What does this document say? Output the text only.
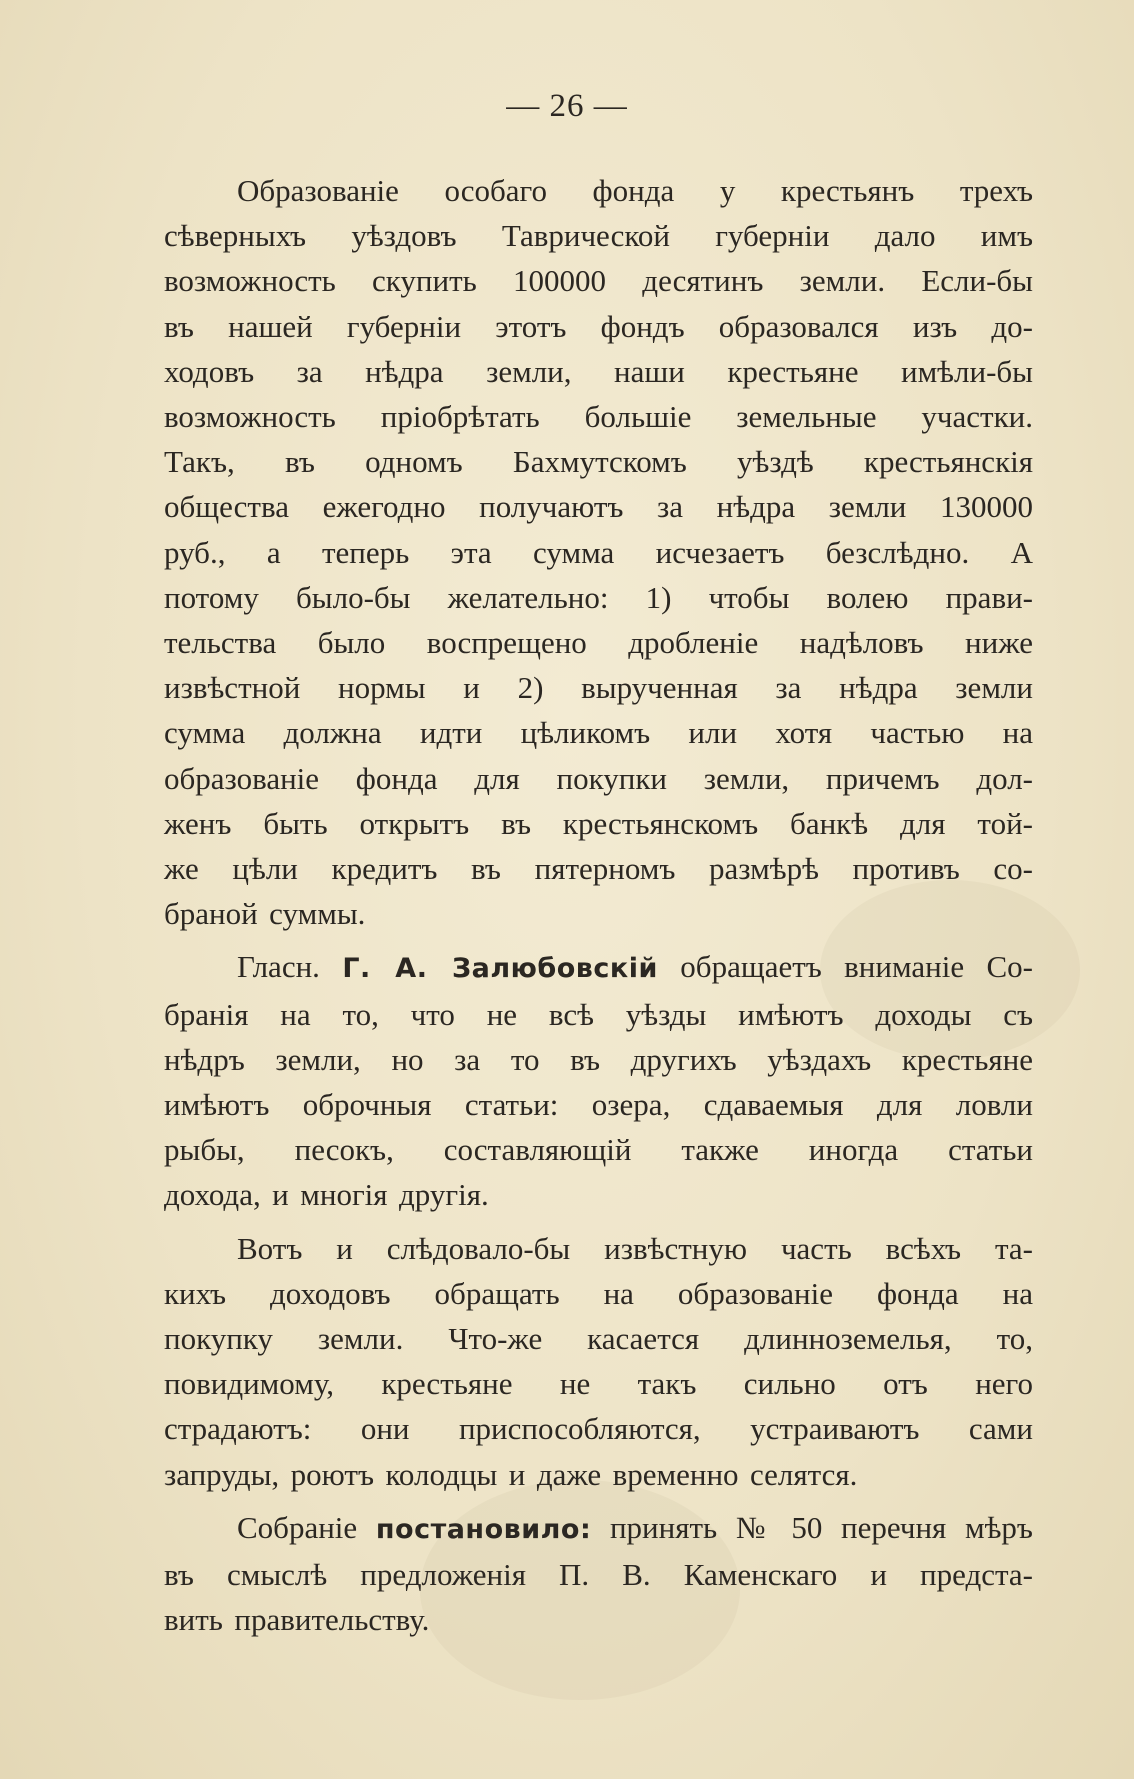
— 26 —
Образованіе особаго фонда у крестьянъ трехъ
сѣверныхъ уѣздовъ Таврической губерніи дало имъ
возможность скупить 100000 десятинъ земли. Если-бы
въ нашей губерніи этотъ фондъ образовался изъ до-
ходовъ за нѣдра земли, наши крестьяне имѣли-бы
возможность пріобрѣтать большіе земельные участки.
Такъ, въ одномъ Бахмутскомъ уѣздѣ крестьянскія
общества ежегодно получаютъ за нѣдра земли 130000
руб., а теперь эта сумма исчезаетъ безслѣдно. А
потому было-бы желательно: 1) чтобы волею прави-
тельства было воспрещено дробленіе надѣловъ ниже
извѣстной нормы и 2) вырученная за нѣдра земли
сумма должна идти цѣликомъ или хотя частью на
образованіе фонда для покупки земли, причемъ дол-
женъ быть открытъ въ крестьянскомъ банкѣ для той-
же цѣли кредитъ въ пятерномъ размѣрѣ противъ со-
браной суммы.
Гласн. Г. А. Залюбовскій обращаетъ вниманіе Со-
бранія на то, что не всѣ уѣзды имѣютъ доходы съ
нѣдръ земли, но за то въ другихъ уѣздахъ крестьяне
имѣютъ оброчныя статьи: озера, сдаваемыя для ловли
рыбы, песокъ, составляющій также иногда статьи
дохода, и многія другія.
Вотъ и слѣдовало-бы извѣстную часть всѣхъ та-
кихъ доходовъ обращать на образованіе фонда на
покупку земли. Что-же касается длинноземелья, то,
повидимому, крестьяне не такъ сильно отъ него
страдаютъ: они приспособляются, устраиваютъ сами
запруды, роютъ колодцы и даже временно селятся.
Собраніе постановило: принять № 50 перечня мѣръ
въ смыслѣ предложенія П. В. Каменскаго и предста-
вить правительству.
